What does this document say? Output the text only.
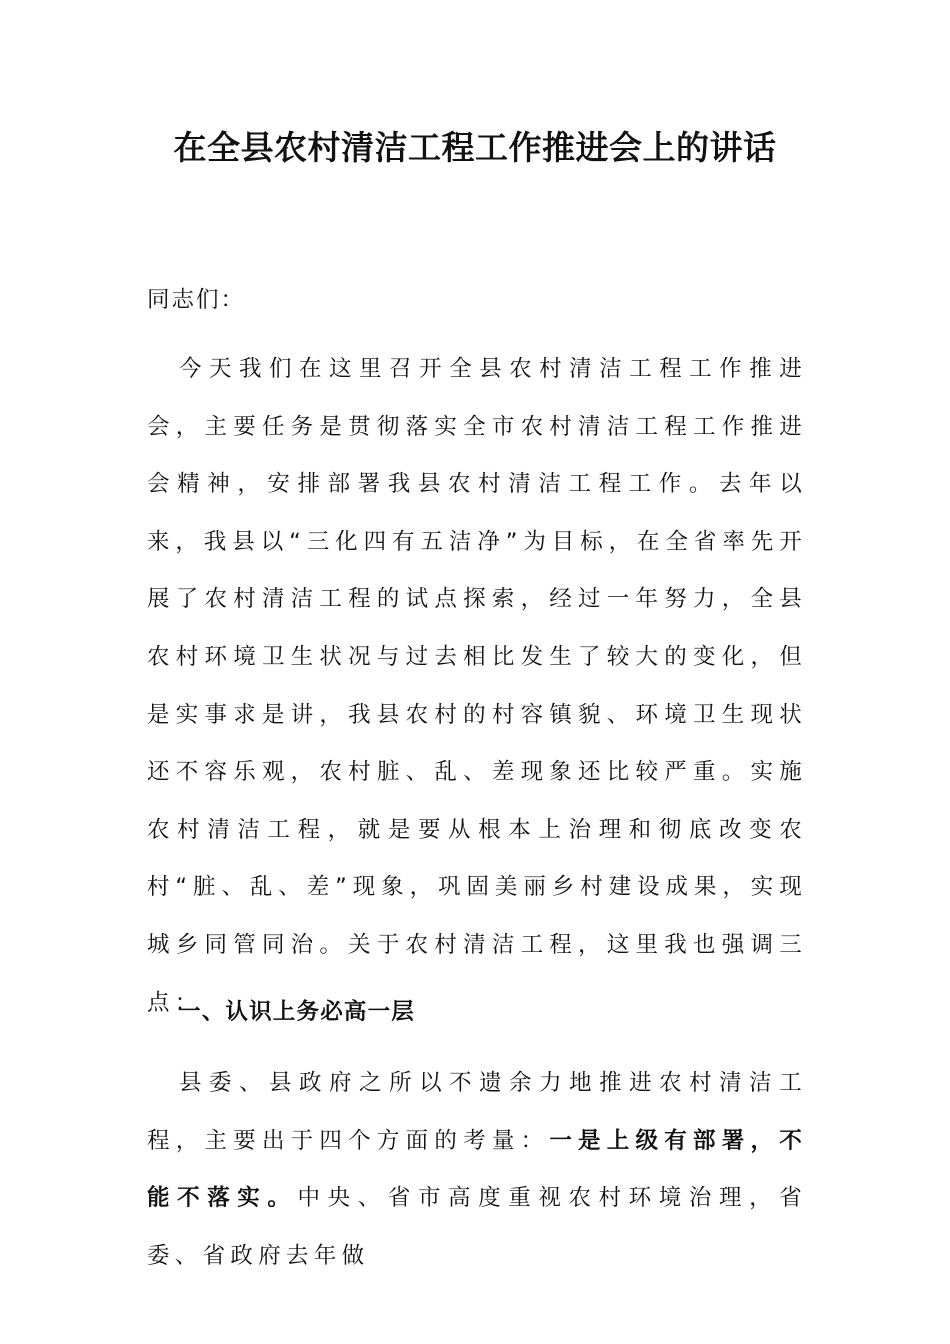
在全县农村清洁工程工作推进会上的讲话

同志们：

今天我们在这里召开全县农村清洁工程工作推进会，主要任务是贯彻落实全市农村清洁工程工作推进会精神，安排部署我县农村清洁工程工作。去年以来，我县以“三化四有五洁净”为目标，在全省率先开展了农村清洁工程的试点探索，经过一年努力，全县农村环境卫生状况与过去相比发生了较大的变化，但是实事求是讲，我县农村的村容镇貌、环境卫生现状还不容乐观，农村脏、乱、差现象还比较严重。实施农村清洁工程，就是要从根本上治理和彻底改变农村“脏、乱、差”现象，巩固美丽乡村建设成果，实现城乡同管同治。关于农村清洁工程，这里我也强调三点：

一、认识上务必高一层

县委、县政府之所以不遗余力地推进农村清洁工程，主要出于四个方面的考量：一是上级有部署，不能不落实。中央、省市高度重视农村环境治理，省委、省政府去年做
